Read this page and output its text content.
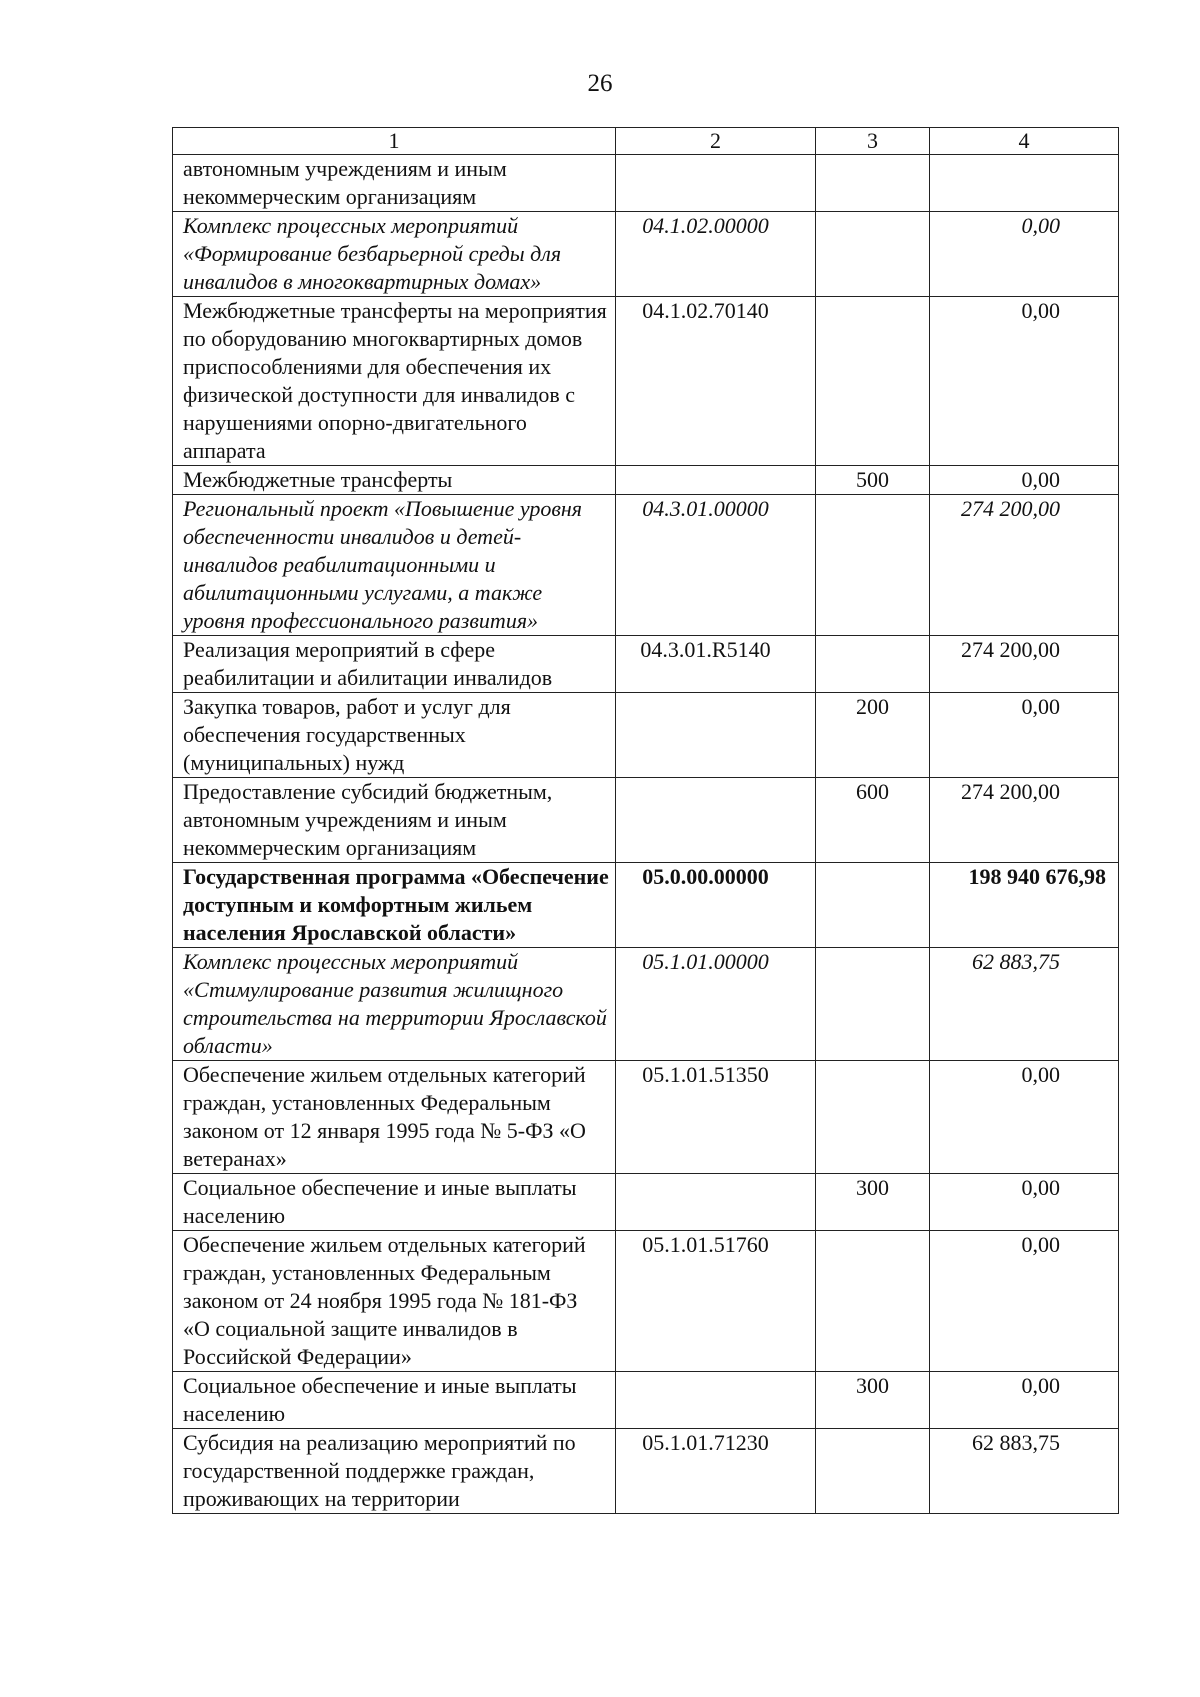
26
1	2	3	4
автономным учреждениям и иным некоммерческим организациям			
Комплекс процессных мероприятий «Формирование безбарьерной среды для инвалидов в многоквартирных домах»	04.1.02.00000		0,00
Межбюджетные трансферты на мероприятия по оборудованию многоквартирных домов приспособлениями для обеспечения их физической доступности для инвалидов с нарушениями опорно-двигательного аппарата	04.1.02.70140		0,00
Межбюджетные трансферты		500	0,00
Региональный проект «Повышение уровня обеспеченности инвалидов и детей-инвалидов реабилитационными и абилитационными услугами, а также уровня профессионального развития»	04.3.01.00000		274 200,00
Реализация мероприятий в сфере реабилитации и абилитации инвалидов	04.3.01.R5140		274 200,00
Закупка товаров, работ и услуг для обеспечения государственных (муниципальных) нужд		200	0,00
Предоставление субсидий бюджетным, автономным учреждениям и иным некоммерческим организациям		600	274 200,00
Государственная программа «Обеспечение доступным и комфортным жильем населения Ярославской области»	05.0.00.00000		198 940 676,98
Комплекс процессных мероприятий «Стимулирование развития жилищного строительства на территории Ярославской области»	05.1.01.00000		62 883,75
Обеспечение жильем отдельных категорий граждан, установленных Федеральным законом от 12 января 1995 года № 5-ФЗ «О ветеранах»	05.1.01.51350		0,00
Социальное обеспечение и иные выплаты населению		300	0,00
Обеспечение жильем отдельных категорий граждан, установленных Федеральным законом от 24 ноября 1995 года № 181-ФЗ «О социальной защите инвалидов в Российской Федерации»	05.1.01.51760		0,00
Социальное обеспечение и иные выплаты населению		300	0,00
Субсидия на реализацию мероприятий по государственной поддержке граждан, проживающих на территории	05.1.01.71230		62 883,75
